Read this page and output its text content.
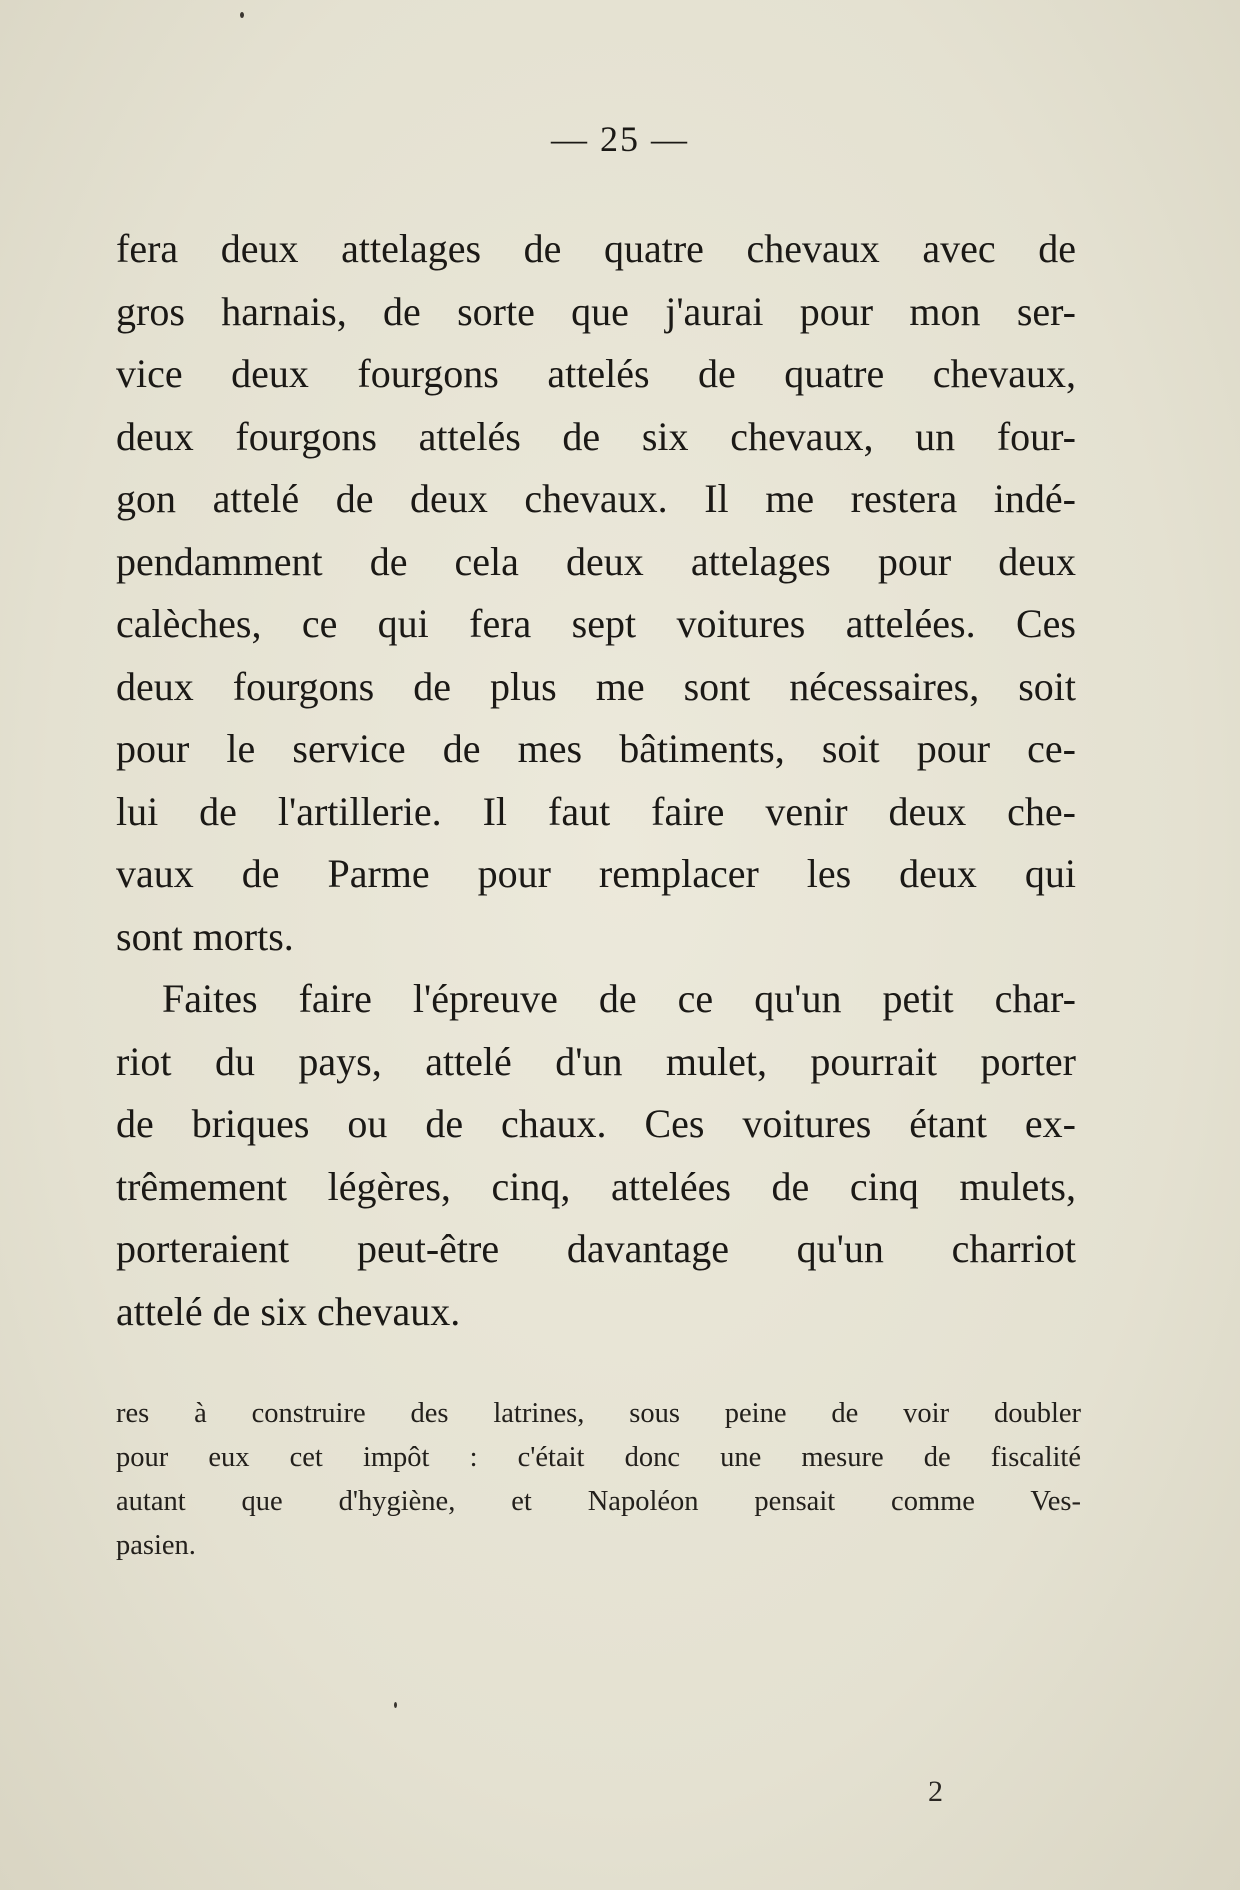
— 25 —
fera deux attelages de quatre chevaux avec de
gros harnais, de sorte que j'aurai pour mon ser-
vice deux fourgons attelés de quatre chevaux,
deux fourgons attelés de six chevaux, un four-
gon attelé de deux chevaux. Il me restera indé-
pendamment de cela deux attelages pour deux
calèches, ce qui fera sept voitures attelées. Ces
deux fourgons de plus me sont nécessaires, soit
pour le service de mes bâtiments, soit pour ce-
lui de l'artillerie. Il faut faire venir deux che-
vaux de Parme pour remplacer les deux qui
sont morts.
Faites faire l'épreuve de ce qu'un petit char-
riot du pays, attelé d'un mulet, pourrait porter
de briques ou de chaux. Ces voitures étant ex-
trêmement légères, cinq, attelées de cinq mulets,
porteraient peut-être davantage qu'un charriot
attelé de six chevaux.
res à construire des latrines, sous peine de voir doubler
pour eux cet impôt : c'était donc une mesure de fiscalité
autant que d'hygiène, et Napoléon pensait comme Ves-
pasien.
2
